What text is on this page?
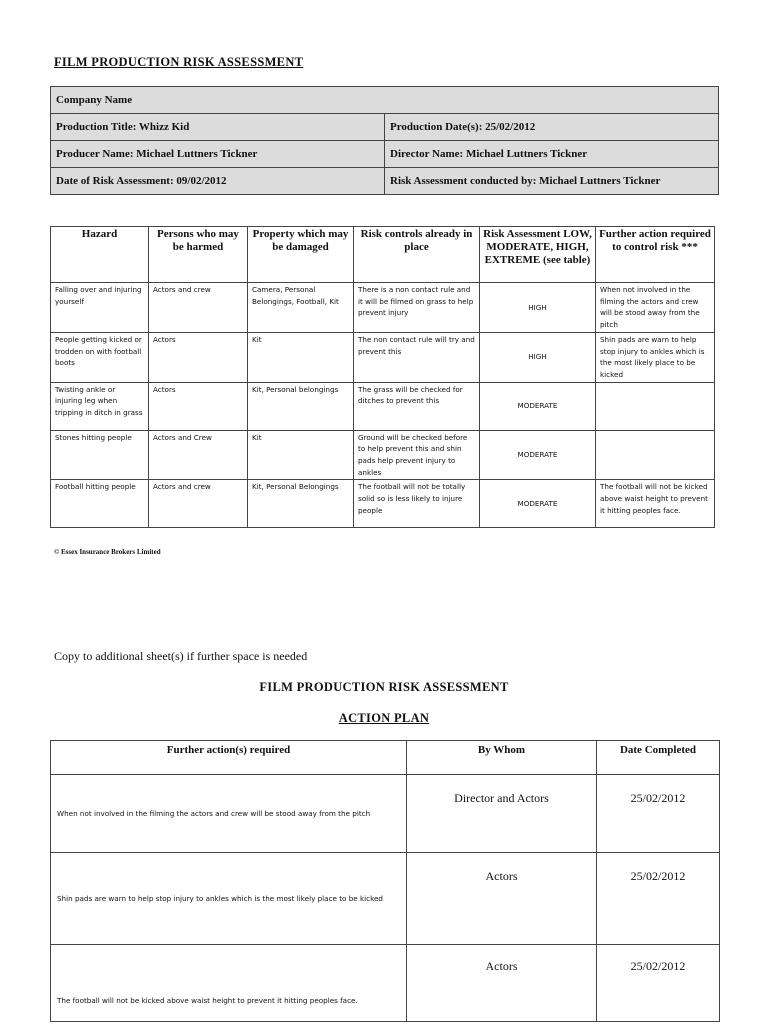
FILM PRODUCTION RISK ASSESSMENT
Company Name	
Production Title: Whizz Kid	Production Date(s): 25/02/2012
Producer Name: Michael Luttners Tickner	Director Name: Michael Luttners Tickner
Date of Risk Assessment: 09/02/2012	Risk Assessment conducted by: Michael Luttners Tickner
Hazard	Persons who may be harmed	Property which may be damaged	Risk controls already in place	Risk Assessment LOW, MODERATE, HIGH, EXTREME (see table)	Further action required to control risk ***
Falling over and injuring yourself	Actors and crew	Camera, Personal Belongings, Football, Kit	There is a non contact rule and it will be filmed on grass to help prevent injury	HIGH	When not involved in the filming the actors and crew will be stood away from the pitch
People getting kicked or trodden on with football boots	Actors	Kit	The non contact rule will try and prevent this	HIGH	Shin pads are warn to help stop injury to ankles which is the most likely place to be kicked
Twisting ankle or injuring leg when tripping in ditch in grass	Actors	Kit, Personal belongings	The grass will be checked for ditches to prevent this	MODERATE	
Stones hitting people	Actors and Crew	Kit	Ground will be checked before to help prevent this and shin pads help prevent injury to ankles	MODERATE	
Football hitting people	Actors and crew	Kit, Personal Belongings	The football will not be totally solid so is less likely to injure people	MODERATE	The football will not be kicked above waist height to prevent it hitting peoples face.
© Essex Insurance Brokers Limited
Copy to additional sheet(s) if further space is needed
FILM PRODUCTION RISK ASSESSMENT
ACTION PLAN
Further action(s) required	By Whom	Date Completed
When not involved in the filming the actors and crew will be stood away from the pitch	Director and Actors	25/02/2012
Shin pads are warn to help stop injury to ankles which is the most likely place to be kicked	Actors	25/02/2012
The football will not be kicked above waist height to prevent it hitting peoples face.	Actors	25/02/2012
